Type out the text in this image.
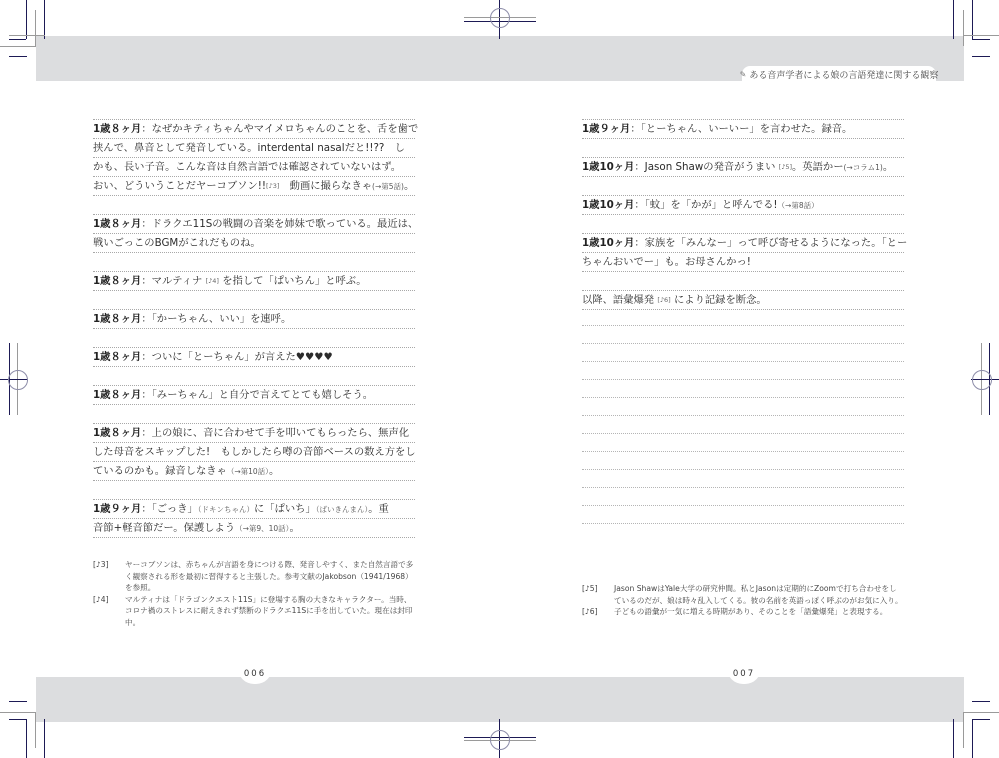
✎ ある音声学者による娘の言語発達に関する観察
006	007
1歳８ヶ月：なぜかキティちゃんやマイメロちゃんのことを、舌を歯で
挟んで、鼻音として発音している。interdental nasalだと!!??　し
かも、長い子音。こんな音は自然言語では確認されていないはず。
おい、どういうことだヤーコブソン!![♪3]　動画に撮らなきゃ(→第5話)。
1歳８ヶ月：ドラクエ11Sの戦闘の音楽を姉妹で歌っている。最近は、
戦いごっこのBGMがこれだものね。
1歳８ヶ月：マルティナ [♪4] を指して「ぱいちん」と呼ぶ。
1歳８ヶ月：「かーちゃん、いい」を連呼。
1歳８ヶ月：ついに「とーちゃん」が言えた♥♥♥♥
1歳８ヶ月：「みーちゃん」と自分で言えてとても嬉しそう。
1歳８ヶ月：上の娘に、音に合わせて手を叩いてもらったら、無声化
した母音をスキップした!　もしかしたら噂の音節ベースの数え方をし
ているのかも。録音しなきゃ（→第10話）。
1歳９ヶ月：「ごっき」（ドキンちゃん）に「ぱいち」（ばいきんまん）。重
音節+軽音節だー。保護しよう（→第9、10話）。
[♪3]	ヤーコブソンは、赤ちゃんが言語を身につける際、発音しやすく、また自然言語で多く観察される形を最初に習得すると主張した。参考文献のJakobson（1941/1968）を参照。
[♪4]	マルティナは「ドラゴンクエスト11S」に登場する胸の大きなキャラクター。当時、コロナ禍のストレスに耐えきれず禁断のドラクエ11Sに手を出していた。現在は封印中。
1歳９ヶ月：「とーちゃん、いーいー」を言わせた。録音。
1歳10ヶ月：Jason Shawの発音がうまい [♪5]。英語かー(→コラム1)。
1歳10ヶ月：「蚊」を「かが」と呼んでる!（→第8話）
1歳10ヶ月：家族を「みんなー」って呼び寄せるようになった。「とー
ちゃんおいでー」も。お母さんかっ!
以降、語彙爆発 [♪6] により記録を断念。
[♪5]	Jason ShawはYale大学の研究仲間。私とJasonは定期的にZoomで打ち合わせをしているのだが、娘は時々乱入してくる。彼の名前を英語っぽく呼ぶのがお気に入り。
[♪6]	子どもの語彙が一気に増える時期があり、そのことを「語彙爆発」と表現する。
